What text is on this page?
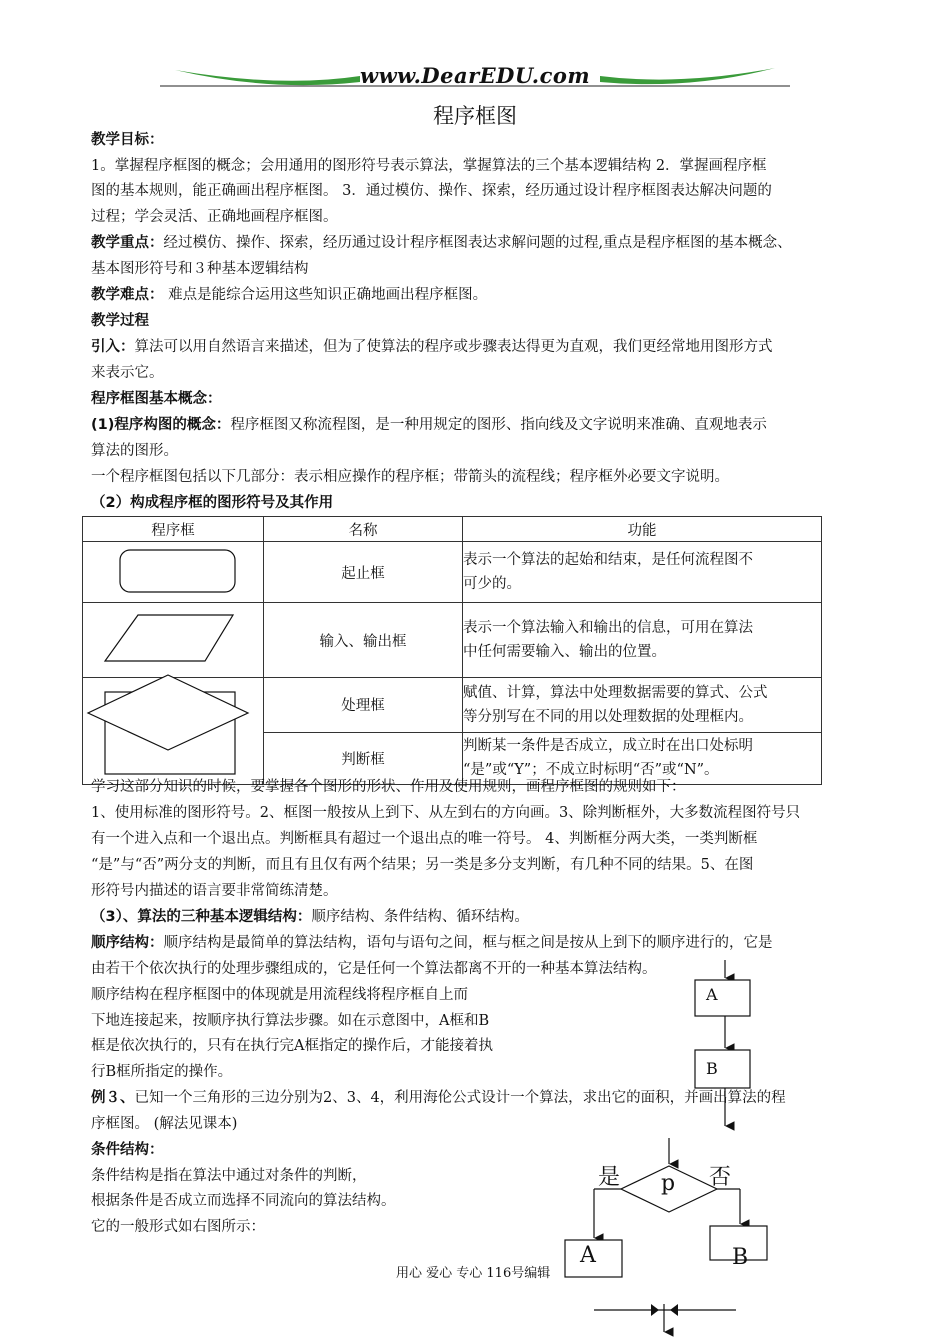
www.DearEDU.com
程序框图
教学目标：
1。掌握程序框图的概念；会用通用的图形符号表示算法，掌握算法的三个基本逻辑结构 2．掌握画程序框
图的基本规则，能正确画出程序框图。 3．通过模仿、操作、探索，经历通过设计程序框图表达解决问题的
过程；学会灵活、正确地画程序框图。
教学重点：经过模仿、操作、探索，经历通过设计程序框图表达求解问题的过程,重点是程序框图的基本概念、
基本图形符号和３种基本逻辑结构
教学难点： 难点是能综合运用这些知识正确地画出程序框图。
教学过程
引入：算法可以用自然语言来描述，但为了使算法的程序或步骤表达得更为直观，我们更经常地用图形方式
来表示它。
程序框图基本概念：
(1)程序构图的概念：程序框图又称流程图，是一种用规定的图形、指向线及文字说明来准确、直观地表示
算法的图形。
一个程序框图包括以下几部分：表示相应操作的程序框；带箭头的流程线；程序框外必要文字说明。
（2）构成程序框的图形符号及其作用
程序框	名称	功能
	起止框	表示一个算法的起始和结束，是任何流程图不
可少的。

	输入、输出框	表示一个算法输入和输出的信息，可用在算法
中任何需要输入、输出的位置。

	处理框	赋值、计算，算法中处理数据需要的算式、公式
等分别写在不同的用以处理数据的处理框内。

	判断框	判断某一条件是否成立，成立时在出口处标明
“是”或“Y”；不成立时标明“否”或“N”。
学习这部分知识的时候，要掌握各个图形的形状、作用及使用规则，画程序框图的规则如下：
1、使用标准的图形符号。2、框图一般按从上到下、从左到右的方向画。3、除判断框外，大多数流程图符号只
有一个进入点和一个退出点。判断框具有超过一个退出点的唯一符号。 4、判断框分两大类，一类判断框
“是”与“否”两分支的判断，而且有且仅有两个结果；另一类是多分支判断，有几种不同的结果。5、在图
形符号内描述的语言要非常简练清楚。
（3）、算法的三种基本逻辑结构：顺序结构、条件结构、循环结构。
顺序结构：顺序结构是最简单的算法结构，语句与语句之间，框与框之间是按从上到下的顺序进行的，它是
由若干个依次执行的处理步骤组成的，它是任何一个算法都离不开的一种基本算法结构。
顺序结构在程序框图中的体现就是用流程线将程序框自上而
下地连接起来，按顺序执行算法步骤。如在示意图中，A框和B
框是依次执行的，只有在执行完A框指定的操作后，才能接着执
行B框所指定的操作。
A
B
例３、已知一个三角形的三边分别为2、3、4，利用海伦公式设计一个算法，求出它的面积，并画出算法的程
序框图。 (解法见课本)
条件结构：
条件结构是指在算法中通过对条件的判断，
根据条件是否成立而选择不同流向的算法结构。
它的一般形式如右图所示：
是	否
p
A	B
用心 爱心 专心 116号编辑
